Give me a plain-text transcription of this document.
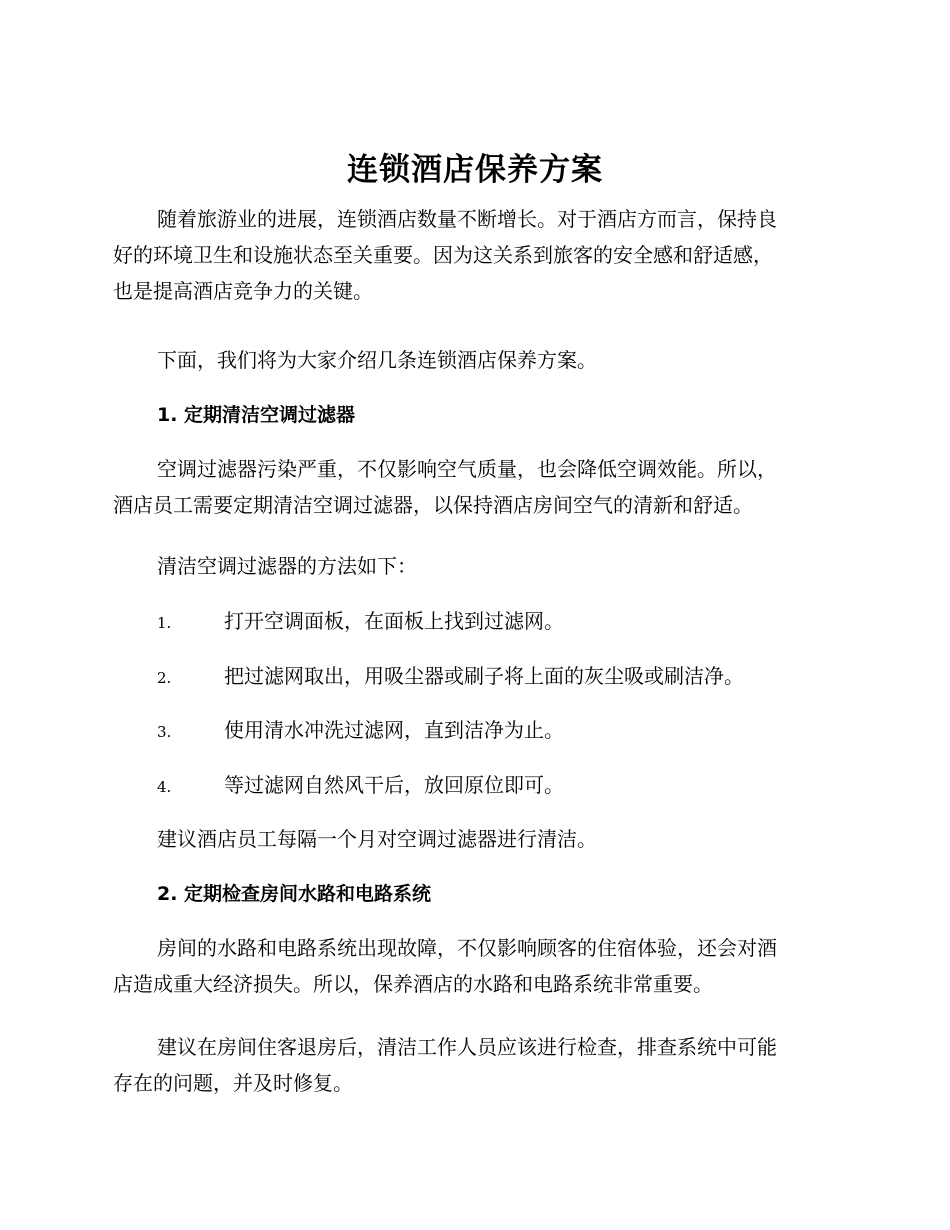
连锁酒店保养方案
随着旅游业的进展，连锁酒店数量不断增长。对于酒店方而言，保持良
好的环境卫生和设施状态至关重要。因为这关系到旅客的安全感和舒适感，
也是提高酒店竞争力的关键。
下面，我们将为大家介绍几条连锁酒店保养方案。
1. 定期清洁空调过滤器
空调过滤器污染严重，不仅影响空气质量，也会降低空调效能。所以，
酒店员工需要定期清洁空调过滤器，以保持酒店房间空气的清新和舒适。
清洁空调过滤器的方法如下：
1.	打开空调面板，在面板上找到过滤网。
2.	把过滤网取出，用吸尘器或刷子将上面的灰尘吸或刷洁净。
3.	使用清水冲洗过滤网，直到洁净为止。
4.	等过滤网自然风干后，放回原位即可。
建议酒店员工每隔一个月对空调过滤器进行清洁。
2. 定期检查房间水路和电路系统
房间的水路和电路系统出现故障，不仅影响顾客的住宿体验，还会对酒
店造成重大经济损失。所以，保养酒店的水路和电路系统非常重要。
建议在房间住客退房后，清洁工作人员应该进行检查，排查系统中可能
存在的问题，并及时修复。
